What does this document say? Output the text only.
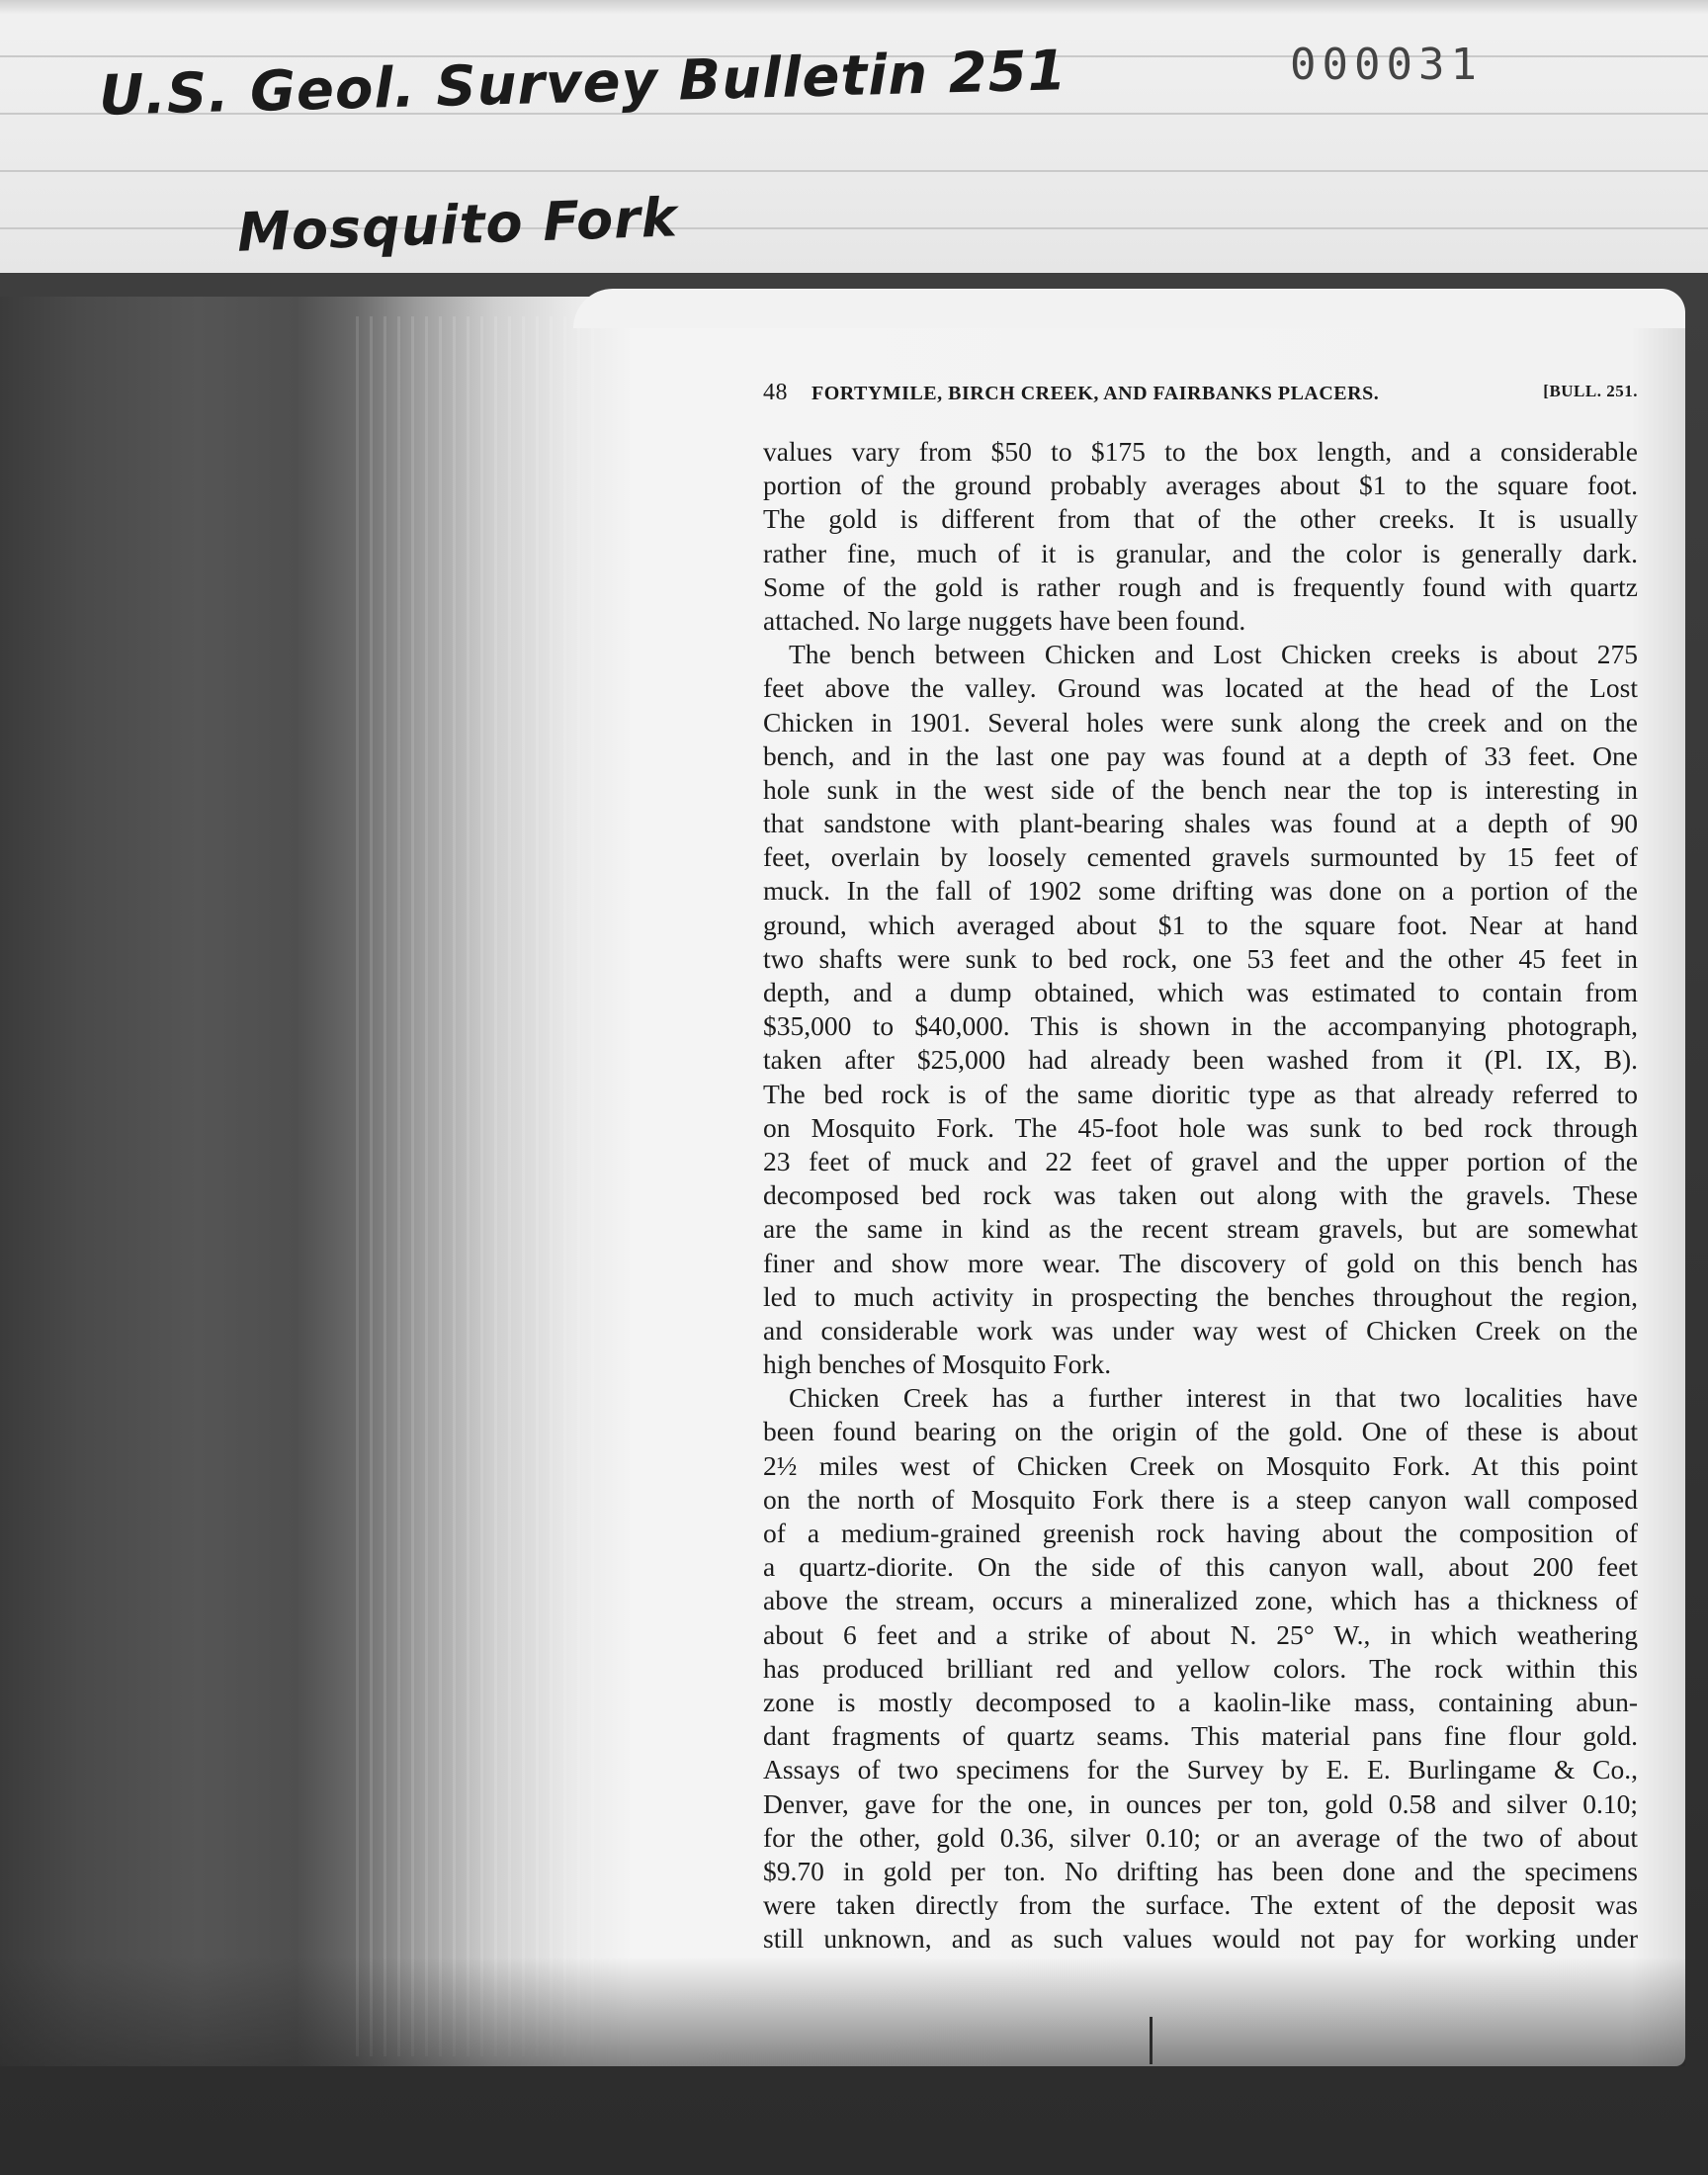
U.S. Geol. Survey Bulletin 251
Mosquito Fork
000031
48 FORTYMILE, BIRCH CREEK, AND FAIRBANKS PLACERS.	[BULL. 251.
values vary from $50 to $175 to the box length, and a considerable
portion of the ground probably averages about $1 to the square foot.
The gold is different from that of the other creeks. It is usually
rather fine, much of it is granular, and the color is generally dark.
Some of the gold is rather rough and is frequently found with quartz
attached. No large nuggets have been found.
The bench between Chicken and Lost Chicken creeks is about 275
feet above the valley. Ground was located at the head of the Lost
Chicken in 1901. Several holes were sunk along the creek and on the
bench, and in the last one pay was found at a depth of 33 feet. One
hole sunk in the west side of the bench near the top is interesting in
that sandstone with plant-bearing shales was found at a depth of 90
feet, overlain by loosely cemented gravels surmounted by 15 feet of
muck. In the fall of 1902 some drifting was done on a portion of the
ground, which averaged about $1 to the square foot. Near at hand
two shafts were sunk to bed rock, one 53 feet and the other 45 feet in
depth, and a dump obtained, which was estimated to contain from
$35,000 to $40,000. This is shown in the accompanying photograph,
taken after $25,000 had already been washed from it (Pl. IX, B).
The bed rock is of the same dioritic type as that already referred to
on Mosquito Fork. The 45-foot hole was sunk to bed rock through
23 feet of muck and 22 feet of gravel and the upper portion of the
decomposed bed rock was taken out along with the gravels. These
are the same in kind as the recent stream gravels, but are somewhat
finer and show more wear. The discovery of gold on this bench has
led to much activity in prospecting the benches throughout the region,
and considerable work was under way west of Chicken Creek on the
high benches of Mosquito Fork.
Chicken Creek has a further interest in that two localities have
been found bearing on the origin of the gold. One of these is about
2½ miles west of Chicken Creek on Mosquito Fork. At this point
on the north of Mosquito Fork there is a steep canyon wall composed
of a medium-grained greenish rock having about the composition of
a quartz-diorite. On the side of this canyon wall, about 200 feet
above the stream, occurs a mineralized zone, which has a thickness of
about 6 feet and a strike of about N. 25° W., in which weathering
has produced brilliant red and yellow colors. The rock within this
zone is mostly decomposed to a kaolin-like mass, containing abun-
dant fragments of quartz seams. This material pans fine flour gold.
Assays of two specimens for the Survey by E. E. Burlingame & Co.,
Denver, gave for the one, in ounces per ton, gold 0.58 and silver 0.10;
for the other, gold 0.36, silver 0.10; or an average of the two of about
$9.70 in gold per ton. No drifting has been done and the specimens
were taken directly from the surface. The extent of the deposit was
still unknown, and as such values would not pay for working under
